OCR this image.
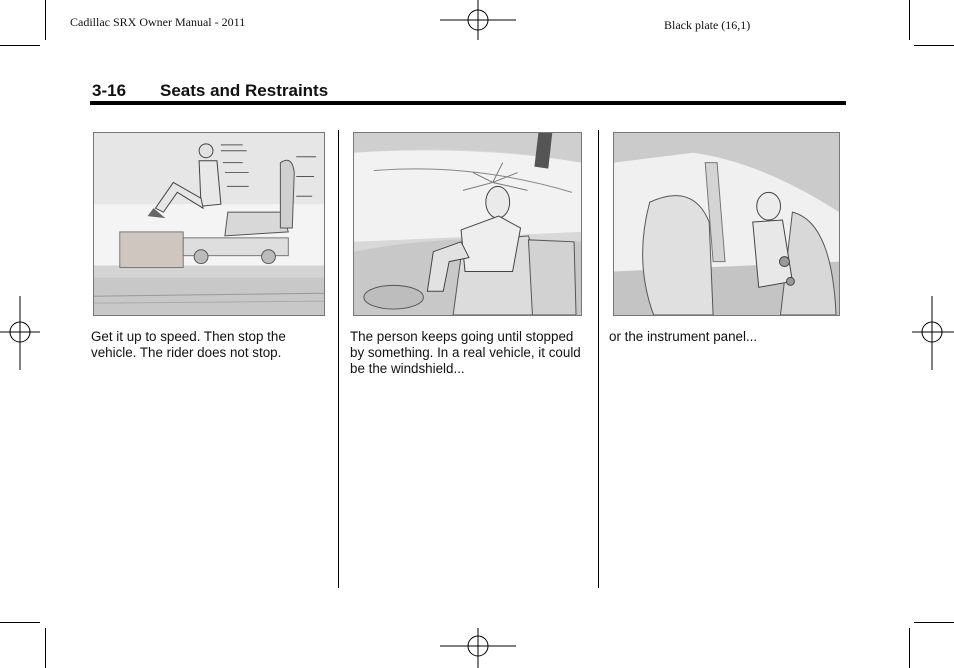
Cadillac SRX Owner Manual - 2011	Black plate (16,1)
3-16 Seats and Restraints
Get it up to speed. Then stop the vehicle. The rider does not stop.
The person keeps going until stopped by something. In a real vehicle, it could be the windshield...
or the instrument panel...
